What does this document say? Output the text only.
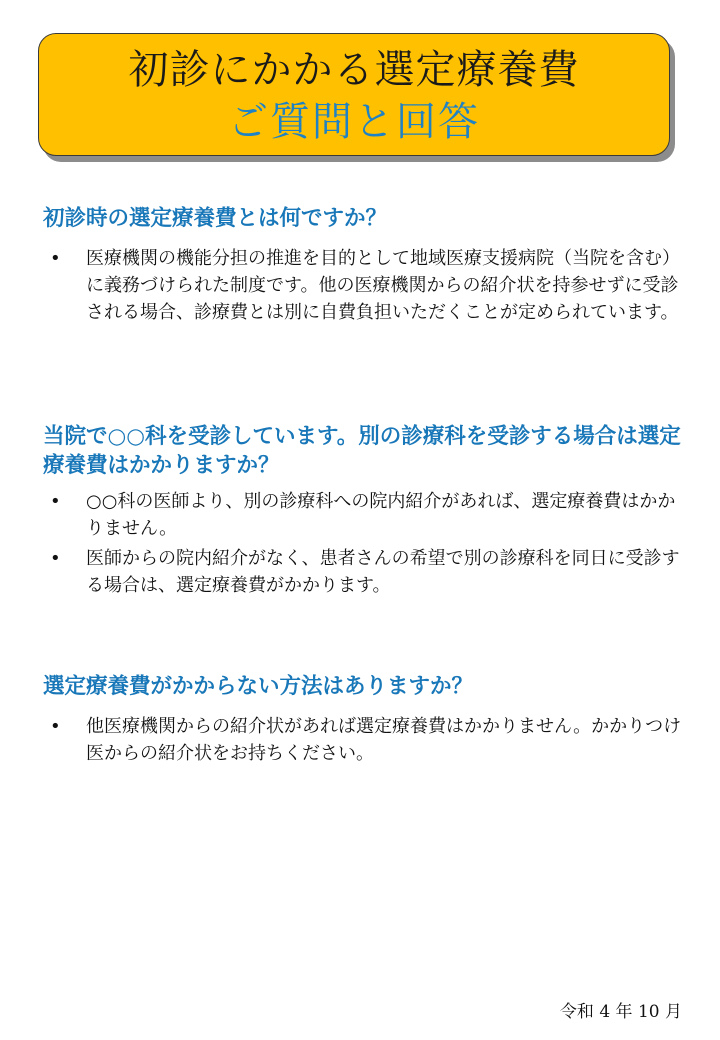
初診にかかる選定療養費
ご質問と回答
初診時の選定療養費とは何ですか？
• 医療機関の機能分担の推進を目的として地域医療支援病院（当院を含む）に義務づけられた制度です。他の医療機関からの紹介状を持参せずに受診される場合、診療費とは別に自費負担いただくことが定められています。
当院で○○科を受診しています。別の診療科を受診する場合は選定療養費はかかりますか？
• ○○科の医師より、別の診療科への院内紹介があれば、選定療養費はかかりません。
• 医師からの院内紹介がなく、患者さんの希望で別の診療科を同日に受診する場合は、選定療養費がかかります。
選定療養費がかからない方法はありますか？
• 他医療機関からの紹介状があれば選定療養費はかかりません。かかりつけ医からの紹介状をお持ちください。
令和 4 年 10 月
